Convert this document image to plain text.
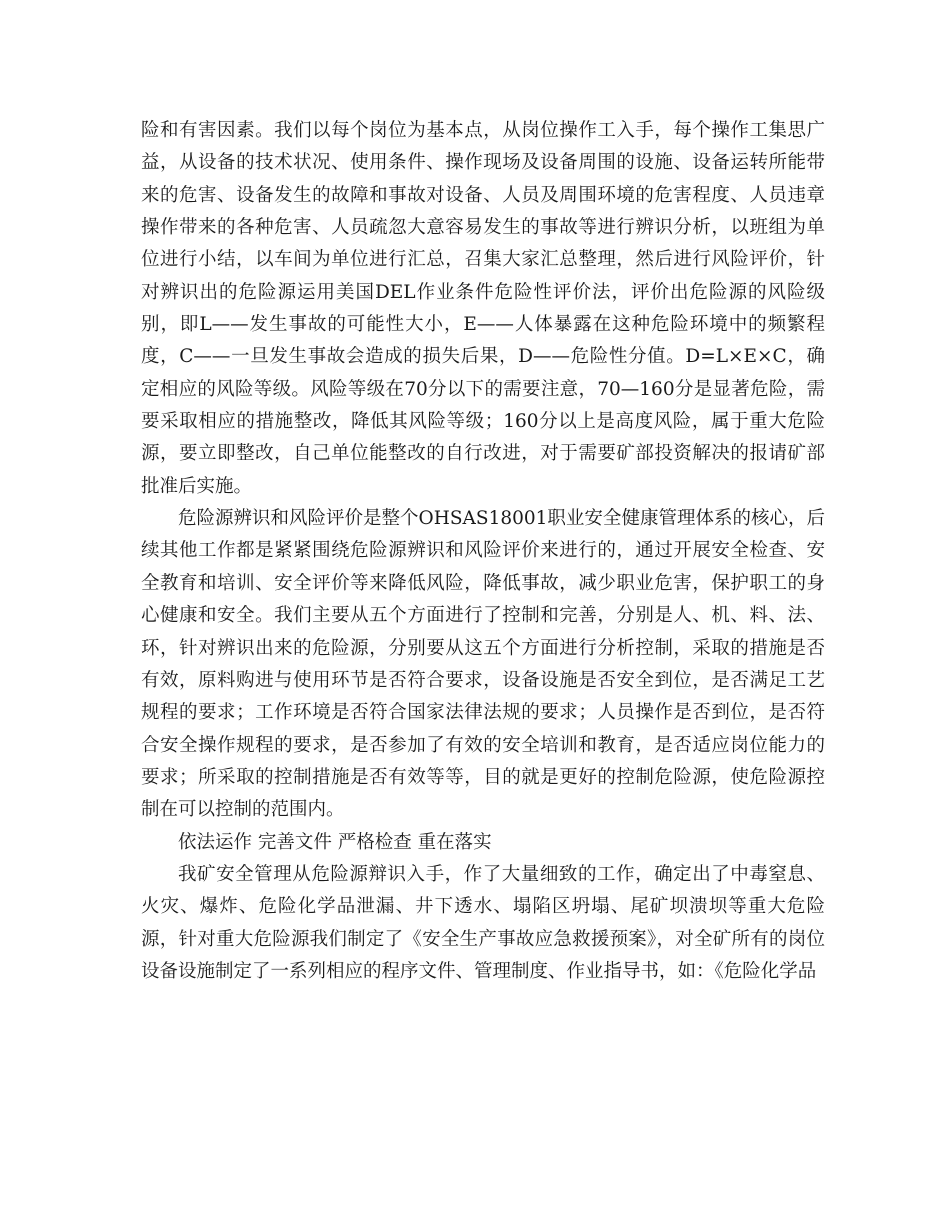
险和有害因素。我们以每个岗位为基本点，从岗位操作工入手，每个操作工集思广益，从设备的技术状况、使用条件、操作现场及设备周围的设施、设备运转所能带来的危害、设备发生的故障和事故对设备、人员及周围环境的危害程度、人员违章操作带来的各种危害、人员疏忽大意容易发生的事故等进行辨识分析，以班组为单位进行小结，以车间为单位进行汇总，召集大家汇总整理，然后进行风险评价，针对辨识出的危险源运用美国DEL作业条件危险性评价法，评价出危险源的风险级别，即L——发生事故的可能性大小，E——人体暴露在这种危险环境中的频繁程度，C——一旦发生事故会造成的损失后果，D——危险性分值。D=L×E×C，确定相应的风险等级。风险等级在70分以下的需要注意，70—160分是显著危险，需要采取相应的措施整改，降低其风险等级；160分以上是高度风险，属于重大危险源，要立即整改，自己单位能整改的自行改进，对于需要矿部投资解决的报请矿部批准后实施。

危险源辨识和风险评价是整个OHSAS18001职业安全健康管理体系的核心，后续其他工作都是紧紧围绕危险源辨识和风险评价来进行的，通过开展安全检查、安全教育和培训、安全评价等来降低风险，降低事故，减少职业危害，保护职工的身心健康和安全。我们主要从五个方面进行了控制和完善，分别是人、机、料、法、环，针对辨识出来的危险源，分别要从这五个方面进行分析控制，采取的措施是否有效，原料购进与使用环节是否符合要求，设备设施是否安全到位，是否满足工艺规程的要求；工作环境是否符合国家法律法规的要求；人员操作是否到位，是否符合安全操作规程的要求，是否参加了有效的安全培训和教育，是否适应岗位能力的要求；所采取的控制措施是否有效等等，目的就是更好的控制危险源，使危险源控制在可以控制的范围内。

依法运作 完善文件 严格检查 重在落实

我矿安全管理从危险源辩识入手，作了大量细致的工作，确定出了中毒窒息、火灾、爆炸、危险化学品泄漏、井下透水、塌陷区坍塌、尾矿坝溃坝等重大危险源，针对重大危险源我们制定了《安全生产事故应急救援预案》，对全矿所有的岗位设备设施制定了一系列相应的程序文件、管理制度、作业指导书，如：《危险化学品
